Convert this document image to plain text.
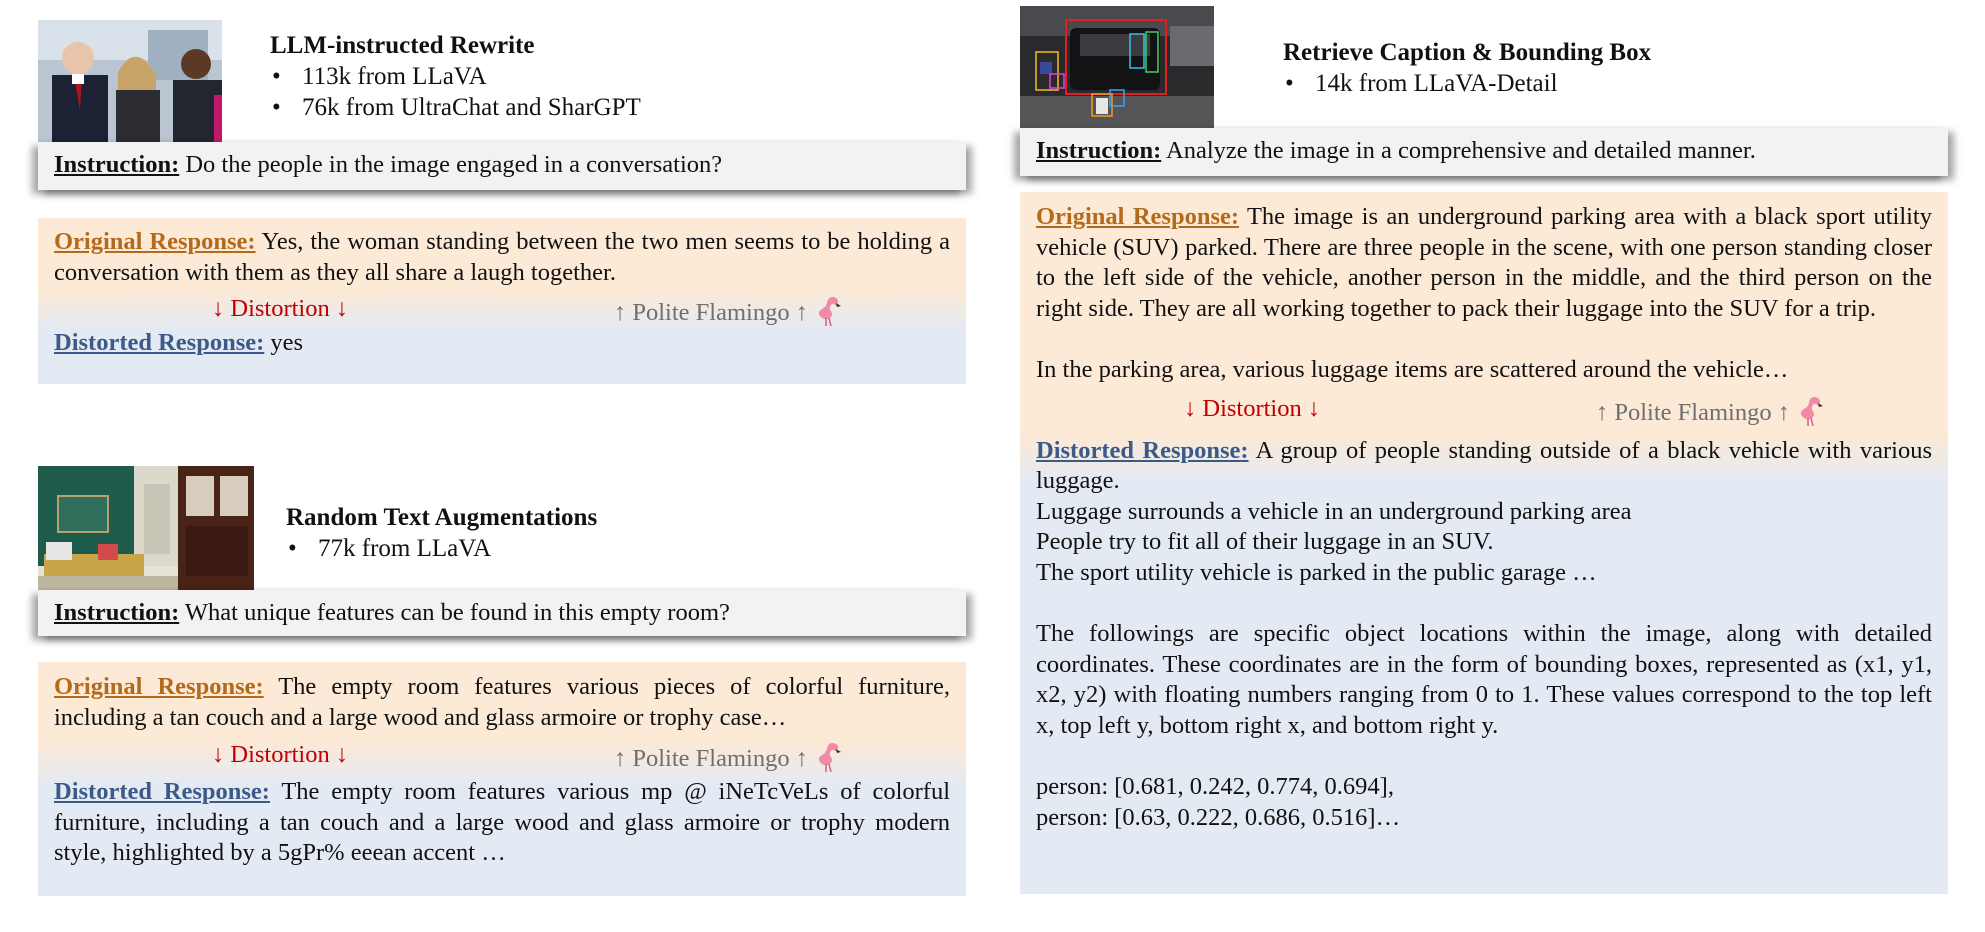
LLM-instructed Rewrite
• 113k from LLaVA
• 76k from UltraChat and SharGPT
Instruction: Do the people in the image engaged in a conversation?

Original Response: Yes, the woman standing between the two men seems to be holding a conversation with them as they all share a laugh together.

↓ Distortion ↓	↑ Polite Flamingo ↑

Distorted Response: yes

Random Text Augmentations
• 77k from LLaVA
Instruction: What unique features can be found in this empty room?

Original Response: The empty room features various pieces of colorful furniture, including a tan couch and a large wood and glass armoire or trophy case…

↓ Distortion ↓	↑ Polite Flamingo ↑

Distorted Response: The empty room features various mp @ iNeTcVeLs of colorful furniture, including a tan couch and a large wood and glass armoire or trophy modern style, highlighted by a 5gPr% eeean accent …

Retrieve Caption & Bounding Box
• 14k from LLaVA-Detail
Instruction: Analyze the image in a comprehensive and detailed manner.

Original Response: The image is an underground parking area with a black sport utility vehicle (SUV) parked. There are three people in the scene, with one person standing closer to the left side of the vehicle, another person in the middle, and the third person on the right side. They are all working together to pack their luggage into the SUV for a trip.

In the parking area, various luggage items are scattered around the vehicle…

↓ Distortion ↓	↑ Polite Flamingo ↑

Distorted Response: A group of people standing outside of a black vehicle with various luggage.

Luggage surrounds a vehicle in an underground parking area

People try to fit all of their luggage in an SUV.

The sport utility vehicle is parked in the public garage …

The followings are specific object locations within the image, along with detailed coordinates. These coordinates are in the form of bounding boxes, represented as (x1, y1, x2, y2) with floating numbers ranging from 0 to 1. These values correspond to the top left x, top left y, bottom right x, and bottom right y.

person: [0.681, 0.242, 0.774, 0.694],

person: [0.63, 0.222, 0.686, 0.516]…
